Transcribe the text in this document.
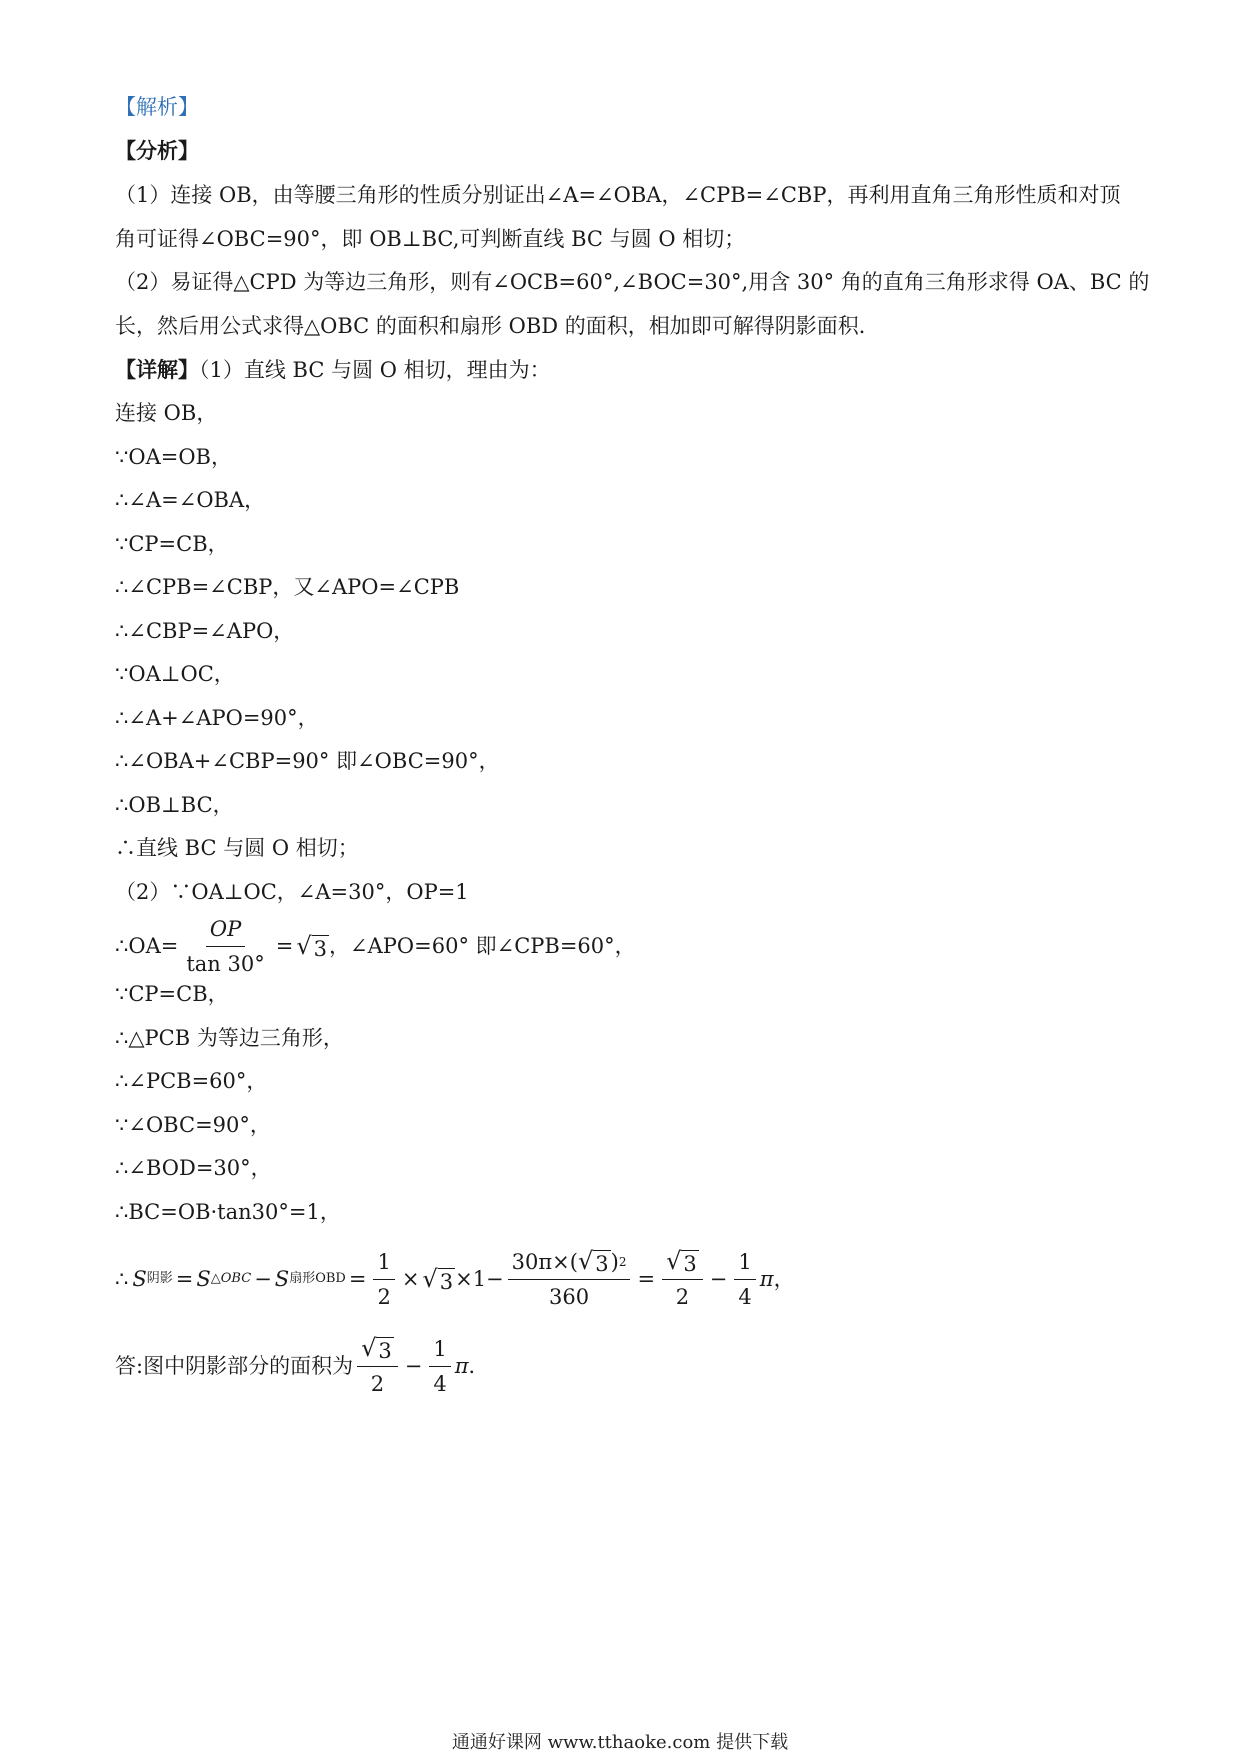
【解析】
【分析】
（1）连接 OB，由等腰三角形的性质分别证出∠A=∠OBA，∠CPB=∠CBP，再利用直角三角形性质和对顶
角可证得∠OBC=90°，即 OB⊥BC,可判断直线 BC 与圆 O 相切；
（2）易证得△CPD 为等边三角形，则有∠OCB=60°,∠BOC=30°,用含 30° 角的直角三角形求得 OA、BC 的
长，然后用公式求得△OBC 的面积和扇形 OBD 的面积，相加即可解得阴影面积．
【详解】（1）直线 BC 与圆 O 相切，理由为：
连接 OB，
∵OA=OB，
∴∠A=∠OBA，
∵CP=CB，
∴∠CPB=∠CBP，又∠APO=∠CPB
∴∠CBP=∠APO，
∵OA⊥OC，
∴∠A+∠APO=90°，
∴∠OBA+∠CBP=90° 即∠OBC=90°，
∴OB⊥BC，
∴直线 BC 与圆 O 相切；
（2）∵OA⊥OC，∠A=30°，OP=1
∴OA= $\frac{OP}{\tan 30^\circ}$ = √ 3 ，∠APO=60° 即∠CPB=60°，
∵CP=CB，
∴△PCB 为等边三角形，
∴∠PCB=60°，
∵∠OBC=90°，
∴∠BOD=30°，
∴BC=OB·tan30°=1，
∴ S 阴影 = S △OBC − S 扇形OBD = $\frac{1}{2}$ × √ $3 \times 1- \frac{30\pi\times( √ 3 ) 2}{360} = \frac{√ 3}{2} - \frac{1}{4}$ π ，
答:图中阴影部分的面积为 $\frac{√ 3}{2} - \frac{1}{4}$ π ．
通通好课网 www.tthaoke.com 提供下载
